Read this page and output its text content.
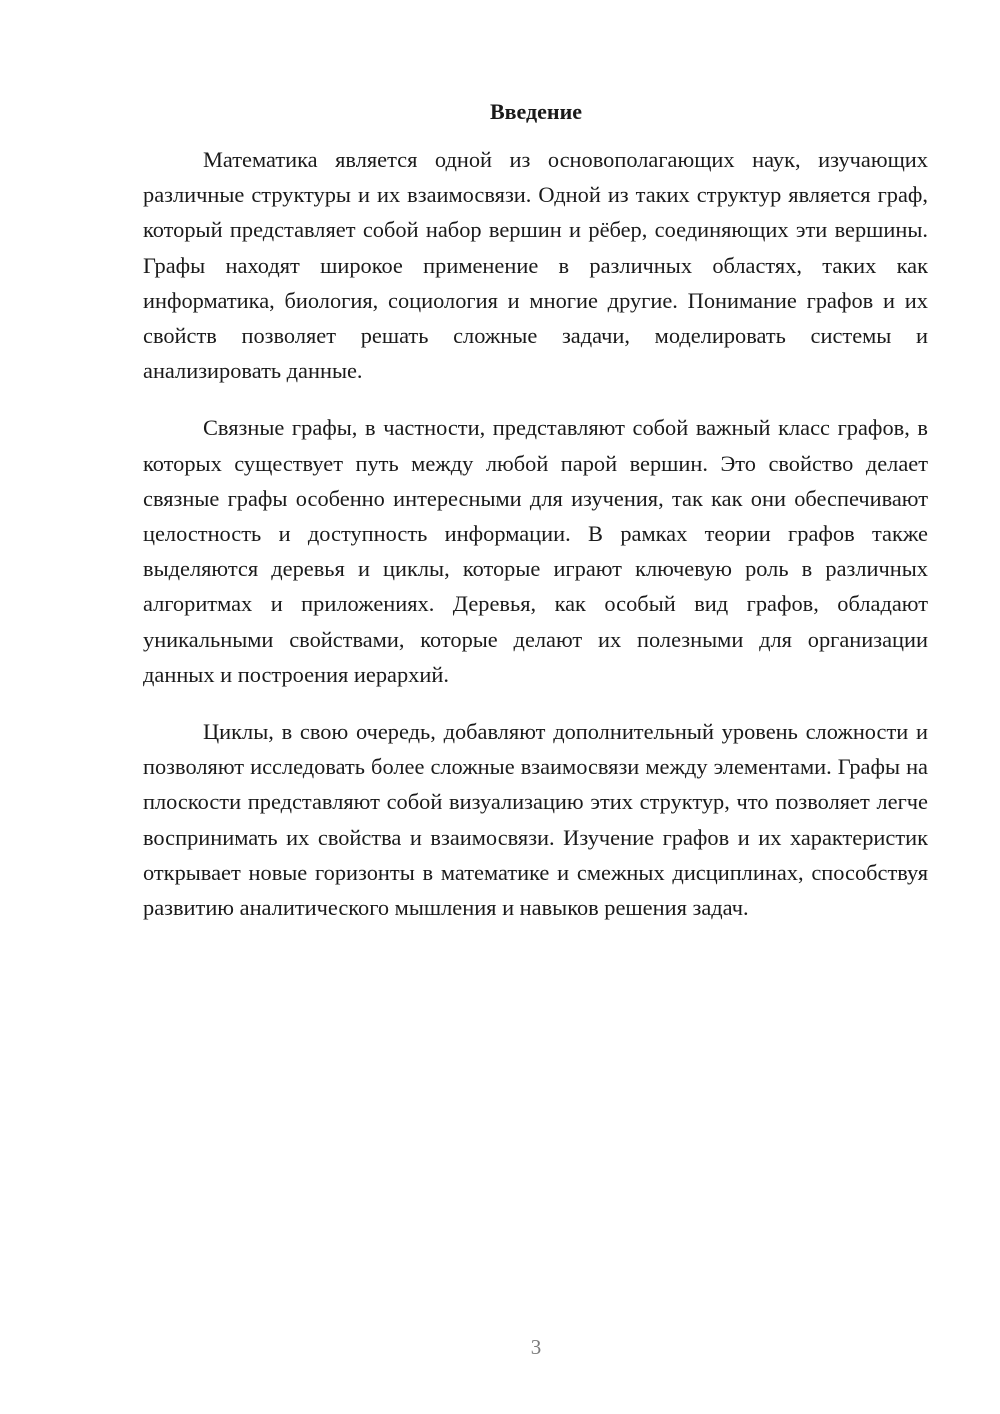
Введение

Математика является одной из основополагающих наук, изучающих различные структуры и их взаимосвязи. Одной из таких структур является граф, который представляет собой набор вершин и рёбер, соединяющих эти вершины. Графы находят широкое применение в различных областях, таких как информатика, биология, социология и многие другие. Понимание графов и их свойств позволяет решать сложные задачи, моделировать системы и анализировать данные.

Связные графы, в частности, представляют собой важный класс графов, в которых существует путь между любой парой вершин. Это свойство делает связные графы особенно интересными для изучения, так как они обеспечивают целостность и доступность информации. В рамках теории графов также выделяются деревья и циклы, которые играют ключевую роль в различных алгоритмах и приложениях. Деревья, как особый вид графов, обладают уникальными свойствами, которые делают их полезными для организации данных и построения иерархий.

Циклы, в свою очередь, добавляют дополнительный уровень сложности и позволяют исследовать более сложные взаимосвязи между элементами. Графы на плоскости представляют собой визуализацию этих структур, что позволяет легче воспринимать их свойства и взаимосвязи. Изучение графов и их характеристик открывает новые горизонты в математике и смежных дисциплинах, способствуя развитию аналитического мышления и навыков решения задач.

3
